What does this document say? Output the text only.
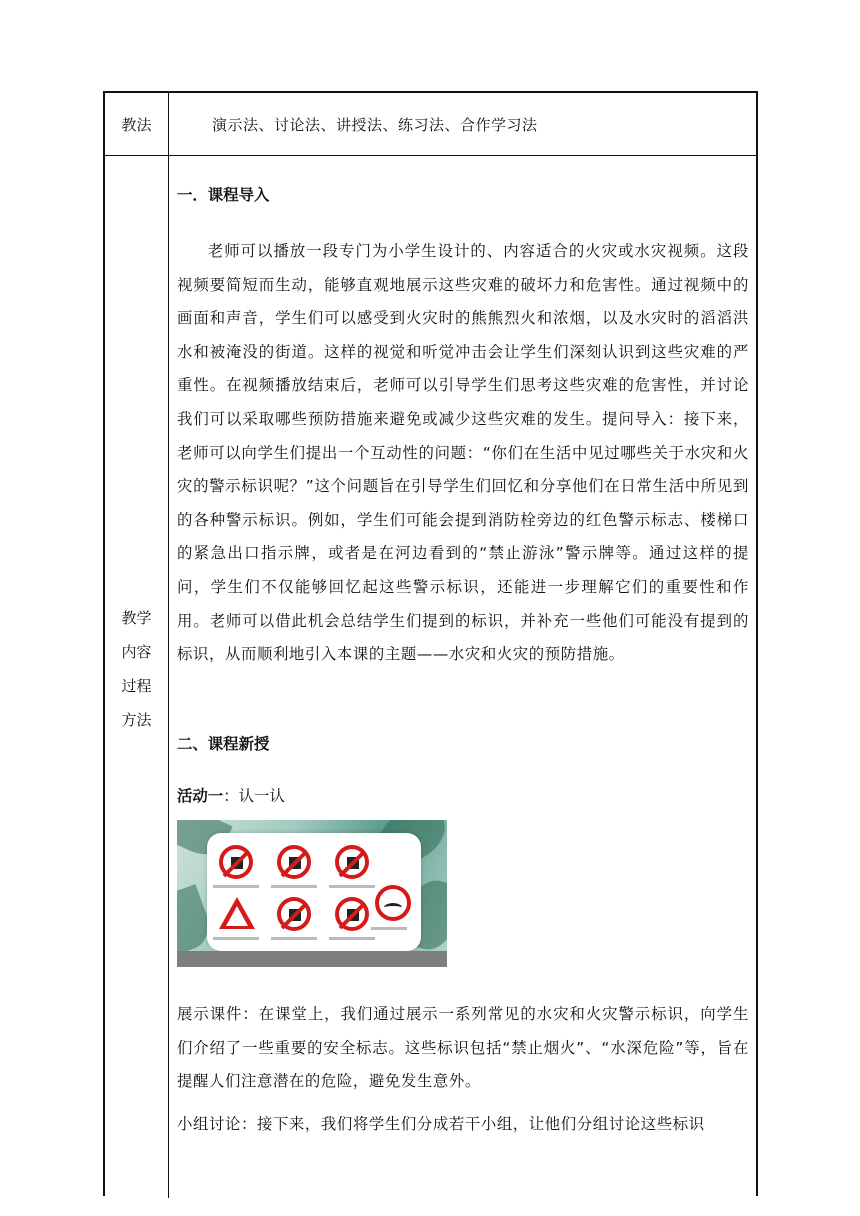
教法	演示法、讨论法、讲授法、练习法、合作学习法
教学
内容
过程
方法
一．课程导入
老师可以播放一段专门为小学生设计的、内容适合的火灾或水灾视频。这段视频要简短而生动，能够直观地展示这些灾难的破坏力和危害性。通过视频中的画面和声音，学生们可以感受到火灾时的熊熊烈火和浓烟，以及水灾时的滔滔洪水和被淹没的街道。这样的视觉和听觉冲击会让学生们深刻认识到这些灾难的严重性。在视频播放结束后，老师可以引导学生们思考这些灾难的危害性，并讨论我们可以采取哪些预防措施来避免或减少这些灾难的发生。提问导入：接下来，老师可以向学生们提出一个互动性的问题：“你们在生活中见过哪些关于水灾和火灾的警示标识呢？”这个问题旨在引导学生们回忆和分享他们在日常生活中所见到的各种警示标识。例如，学生们可能会提到消防栓旁边的红色警示标志、楼梯口的紧急出口指示牌，或者是在河边看到的“禁止游泳”警示牌等。通过这样的提问，学生们不仅能够回忆起这些警示标识，还能进一步理解它们的重要性和作用。老师可以借此机会总结学生们提到的标识，并补充一些他们可能没有提到的标识，从而顺利地引入本课的主题——水灾和火灾的预防措施。
二、课程新授
活动一：认一认
展示课件：在课堂上，我们通过展示一系列常见的水灾和火灾警示标识，向学生们介绍了一些重要的安全标志。这些标识包括“禁止烟火”、“水深危险”等，旨在提醒人们注意潜在的危险，避免发生意外。
小组讨论：接下来，我们将学生们分成若干小组，让他们分组讨论这些标识
